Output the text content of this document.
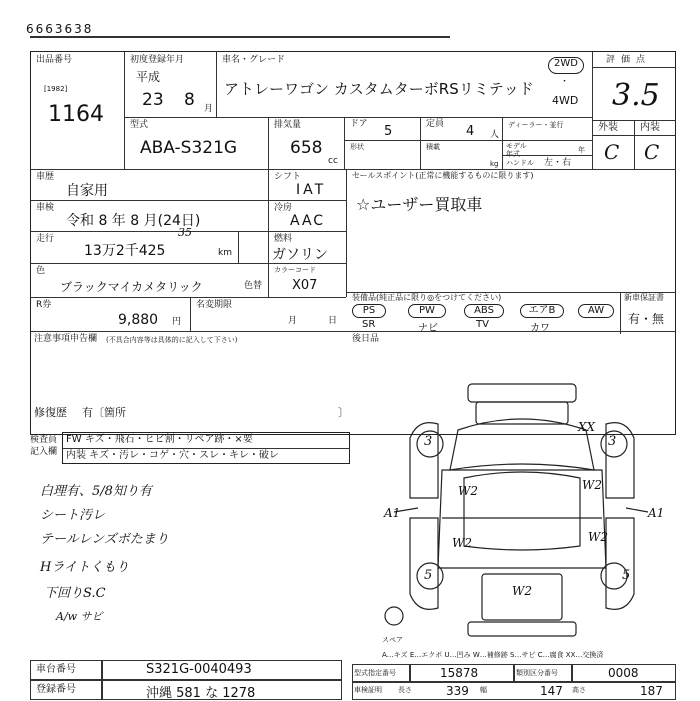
6663638
出品番号
[1982]
1164
初度登録年月
平成
23 8 月
車名・グレード
アトレーワゴン カスタムターボRSリミテッド
2WD
・
4WD
評価点
3.5
外装 内装
C C
型式
ABA-S321G
排気量
658
cc
ドア 5	定員 4 人
ディーラー・並行
形状	積載
kg
モデル年式	年
ハンドル 左・右
車歴
自家用
シフト
IAT
セールスポイント(正常に機能するものに限ります)
☆ユーザー買取車
車検
令和 8 年 8 月(24日)
冷房
AAC
走行	35
13万2千425	km
燃料
ガソリン
色
ブラックマイカメタリック	色替
カラーコード
X07
装備品(純正品に限り◎をつけてください)	新車保証書
PS	PW	ABS	エアB	AW
SR	ナビ	TV	カワ
有・無
R券
9,880 円
名変期限
月	日
注意事項申告欄 (不具合内容等は具体的に記入して下さい)	後日品
修復歴 有〔箇所	〕
検査員記入欄
FW キズ・飛石・ヒビ割・リペア跡・×要
内装 キズ・汚レ・コゲ・穴・スレ・キレ・破レ
白理有、5/8知り有
シート汚レ
テールレンズボたまり
Hライトくもり
下回りS.C
A/w サビ
3	3
5	5
W2	W2
W2	W2
W2
A1	A1
XX
スペア
A…キズ E…エクボ U…凹み W…補修跡 S…サビ C…腐食 XX…交換済
車台番号	S321G-0040493
登録番号	沖縄 581 な 1278
型式指定番号	15878	類別区分番号	0008
車検証明 長さ	339 幅	147 高さ	187
